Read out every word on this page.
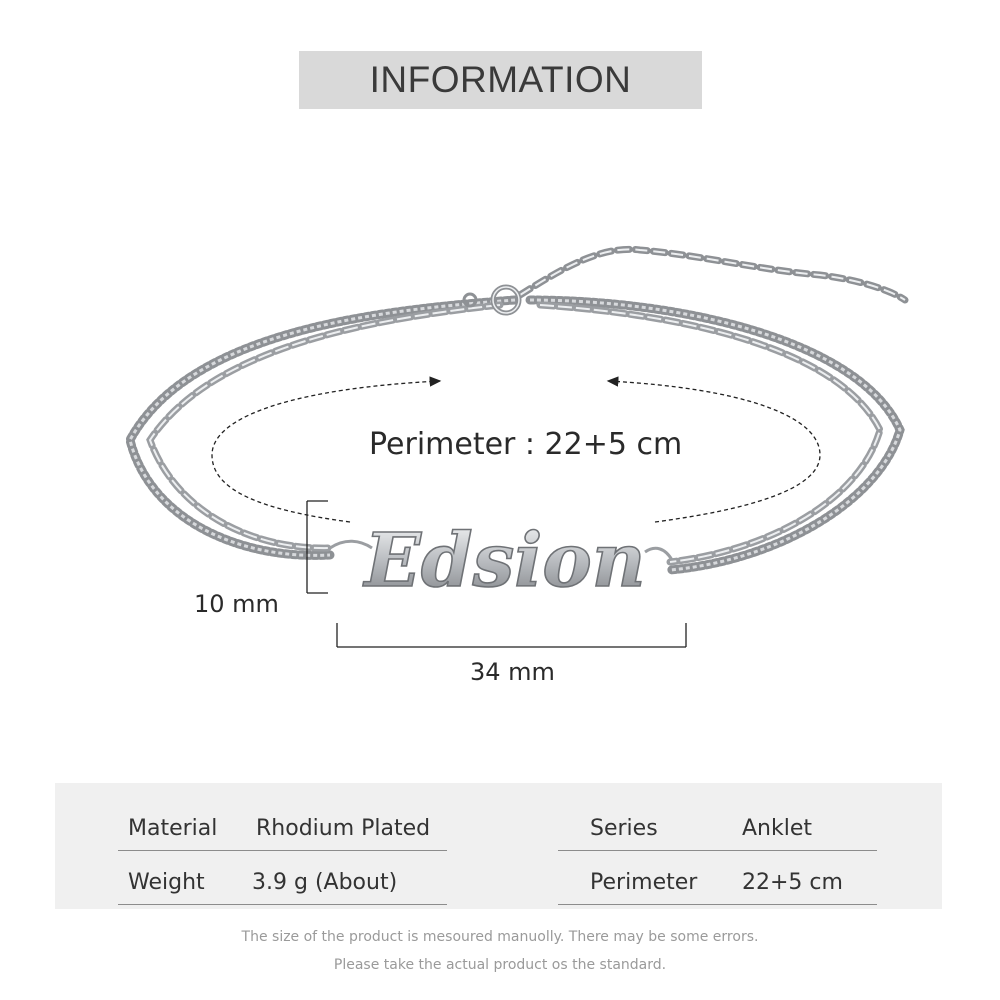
INFORMATION
Edsion
Perimeter : 22+5 cm
10 mm
34 mm
Material Rhodium Plated
Weight 3.9 g (About)
Series	Anklet
Perimeter 22+5 cm
The size of the product is mesoured manuolly. There may be some errors.
Please take the actual product os the standard.
